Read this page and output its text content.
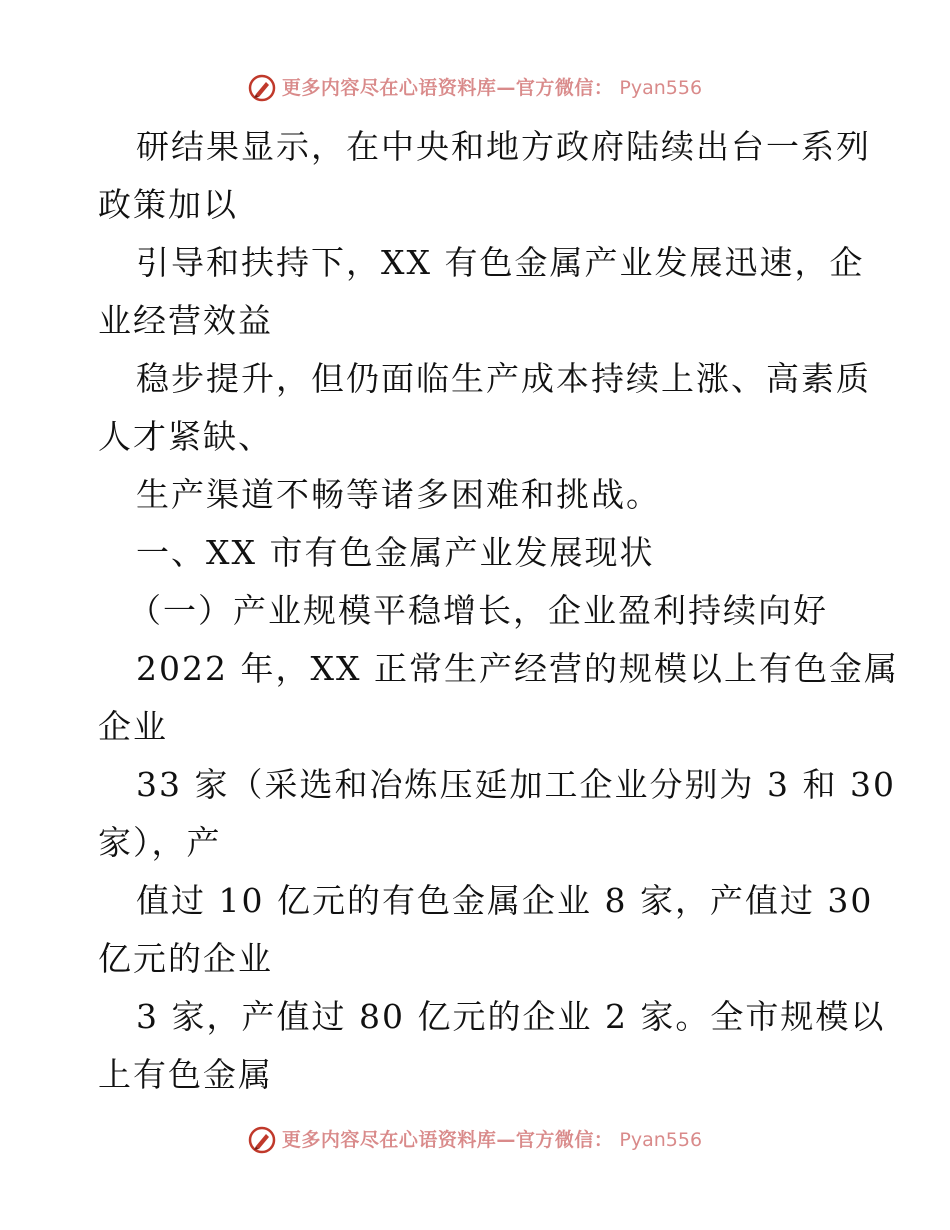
更多内容尽在心语资料库—官方微信： Pyan556
研结果显示，在中央和地方政府陆续出台一系列
政策加以
引导和扶持下，XX 有色金属产业发展迅速，企
业经营效益
稳步提升，但仍面临生产成本持续上涨、高素质
人才紧缺、
生产渠道不畅等诸多困难和挑战。
一、XX 市有色金属产业发展现状
（一）产业规模平稳增长，企业盈利持续向好
2022 年，XX 正常生产经营的规模以上有色金属
企业
33 家（采选和冶炼压延加工企业分别为 3 和 30
家），产
值过 10 亿元的有色金属企业 8 家，产值过 30
亿元的企业
3 家，产值过 80 亿元的企业 2 家。全市规模以
上有色金属
更多内容尽在心语资料库—官方微信： Pyan556
